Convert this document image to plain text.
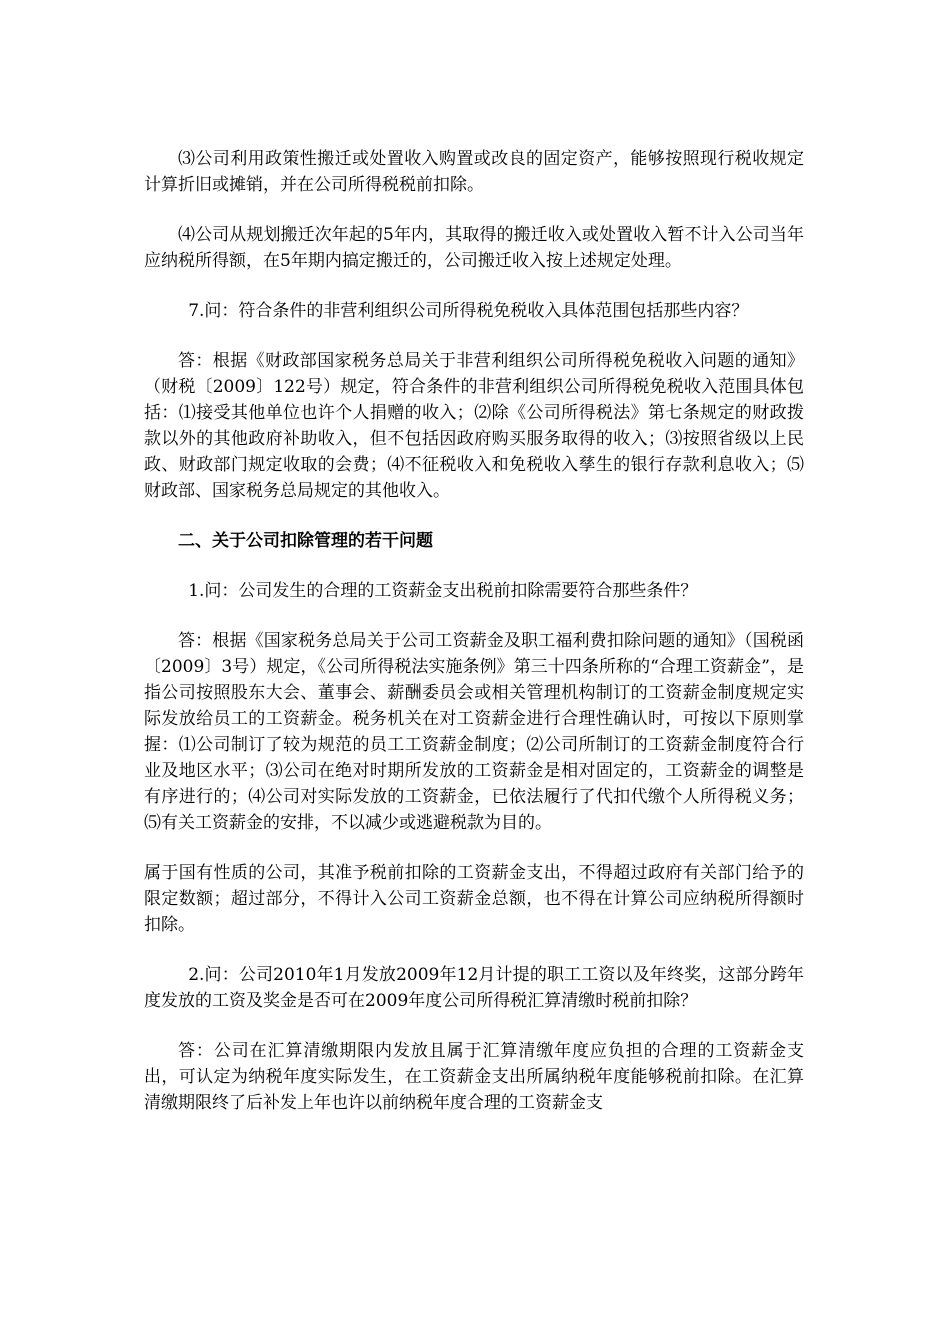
⑶公司利用政策性搬迁或处置收入购置或改良的固定资产，能够按照现行税收规定计算折旧或摊销，并在公司所得税税前扣除。

⑷公司从规划搬迁次年起的5年内，其取得的搬迁收入或处置收入暂不计入公司当年应纳税所得额，在5年期内搞定搬迁的，公司搬迁收入按上述规定处理。

7.问：符合条件的非营利组织公司所得税免税收入具体范围包括那些内容？

答：根据《财政部国家税务总局关于非营利组织公司所得税免税收入问题的通知》（财税〔2009〕122号）规定，符合条件的非营利组织公司所得税免税收入范围具体包括：⑴接受其他单位也许个人捐赠的收入；⑵除《公司所得税法》第七条规定的财政拨款以外的其他政府补助收入，但不包括因政府购买服务取得的收入；⑶按照省级以上民政、财政部门规定收取的会费；⑷不征税收入和免税收入孳生的银行存款利息收入；⑸财政部、国家税务总局规定的其他收入。

二、关于公司扣除管理的若干问题

1.问：公司发生的合理的工资薪金支出税前扣除需要符合那些条件？

答：根据《国家税务总局关于公司工资薪金及职工福利费扣除问题的通知》（国税函〔2009〕3号）规定，《公司所得税法实施条例》第三十四条所称的“合理工资薪金”，是指公司按照股东大会、董事会、薪酬委员会或相关管理机构制订的工资薪金制度规定实际发放给员工的工资薪金。税务机关在对工资薪金进行合理性确认时，可按以下原则掌握：⑴公司制订了较为规范的员工工资薪金制度；⑵公司所制订的工资薪金制度符合行业及地区水平；⑶公司在绝对时期所发放的工资薪金是相对固定的，工资薪金的调整是有序进行的；⑷公司对实际发放的工资薪金，已依法履行了代扣代缴个人所得税义务；⑸有关工资薪金的安排，不以减少或逃避税款为目的。

属于国有性质的公司，其准予税前扣除的工资薪金支出，不得超过政府有关部门给予的限定数额；超过部分，不得计入公司工资薪金总额，也不得在计算公司应纳税所得额时扣除。

2.问：公司2010年1月发放2009年12月计提的职工工资以及年终奖，这部分跨年度发放的工资及奖金是否可在2009年度公司所得税汇算清缴时税前扣除？

答：公司在汇算清缴期限内发放且属于汇算清缴年度应负担的合理的工资薪金支出，可认定为纳税年度实际发生，在工资薪金支出所属纳税年度能够税前扣除。在汇算清缴期限终了后补发上年也许以前纳税年度合理的工资薪金支
